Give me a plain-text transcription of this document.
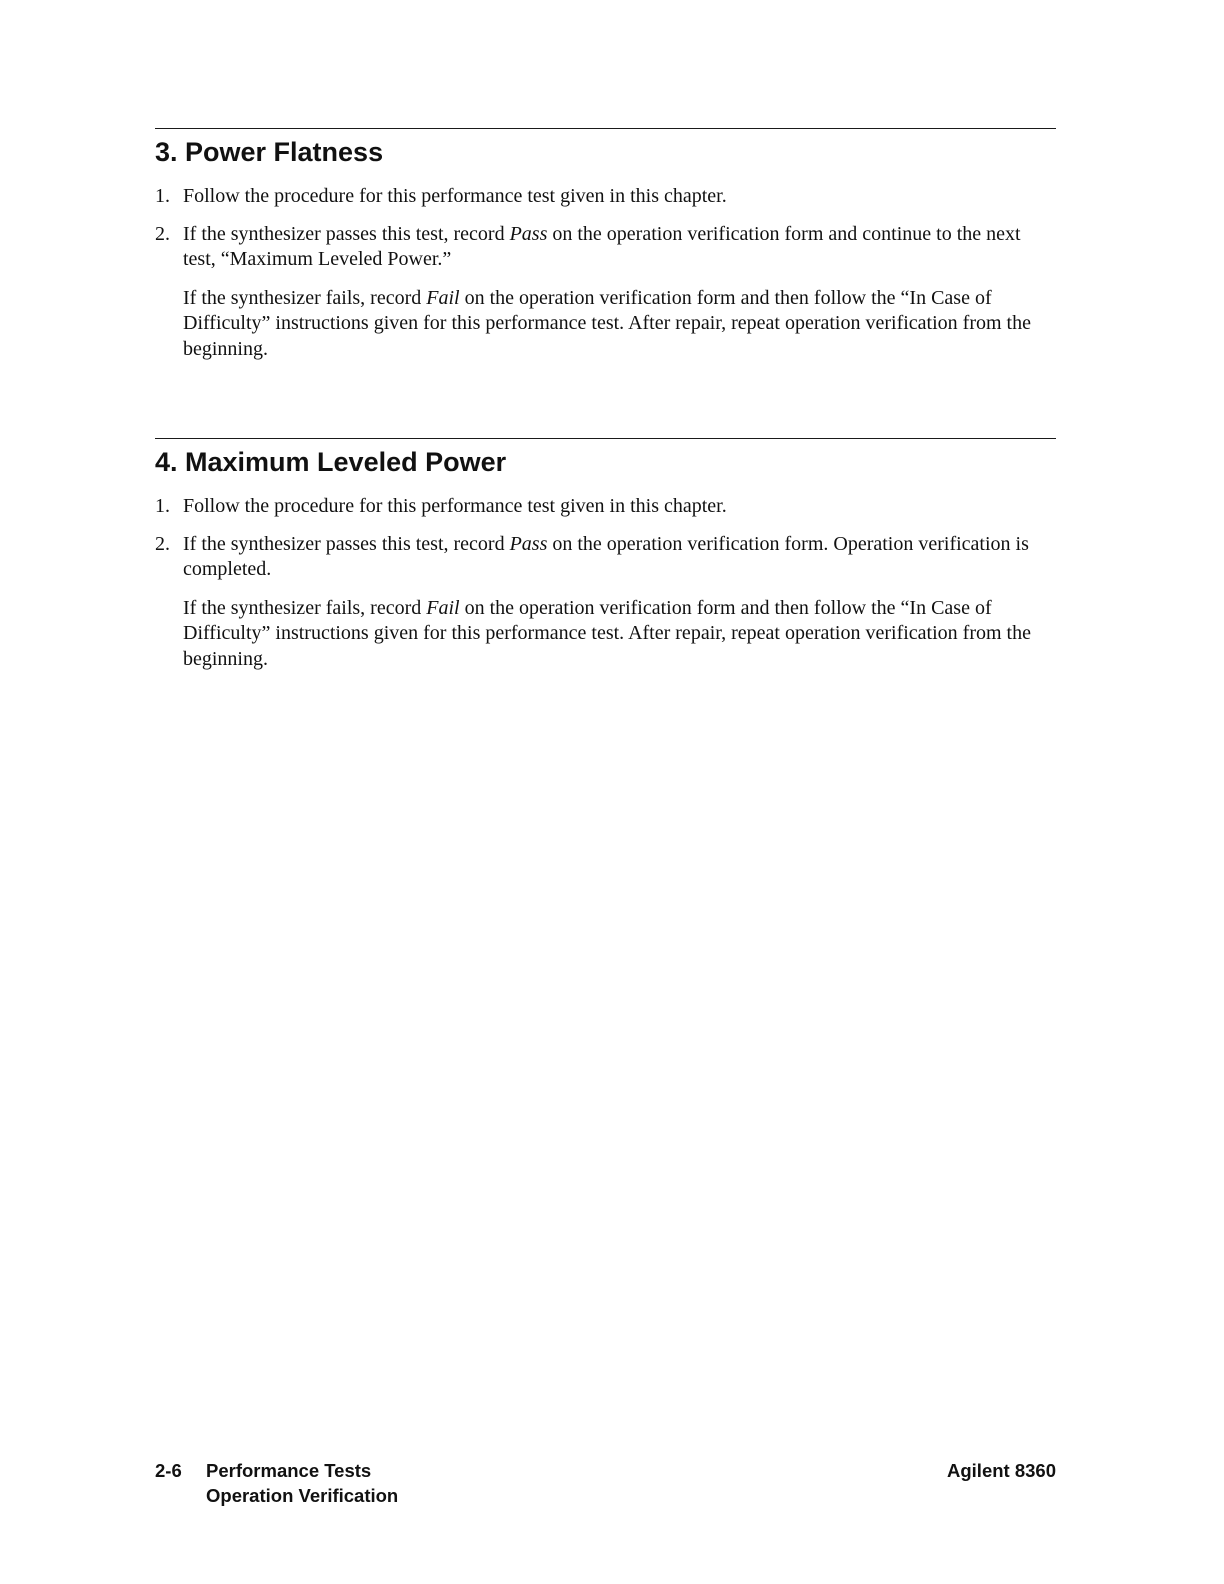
3. Power Flatness
1. Follow the procedure for this performance test given in this chapter.
2. If the synthesizer passes this test, record Pass on the operation verification form and continue to the next test, “Maximum Leveled Power.”
If the synthesizer fails, record Fail on the operation verification form and then follow the “In Case of Difficulty” instructions given for this performance test. After repair, repeat operation verification from the beginning.
4. Maximum Leveled Power
1. Follow the procedure for this performance test given in this chapter.
2. If the synthesizer passes this test, record Pass on the operation verification form. Operation verification is completed.
If the synthesizer fails, record Fail on the operation verification form and then follow the “In Case of Difficulty” instructions given for this performance test. After repair, repeat operation verification from the beginning.
2-6 Performance Tests
Operation Verification
Agilent 8360
